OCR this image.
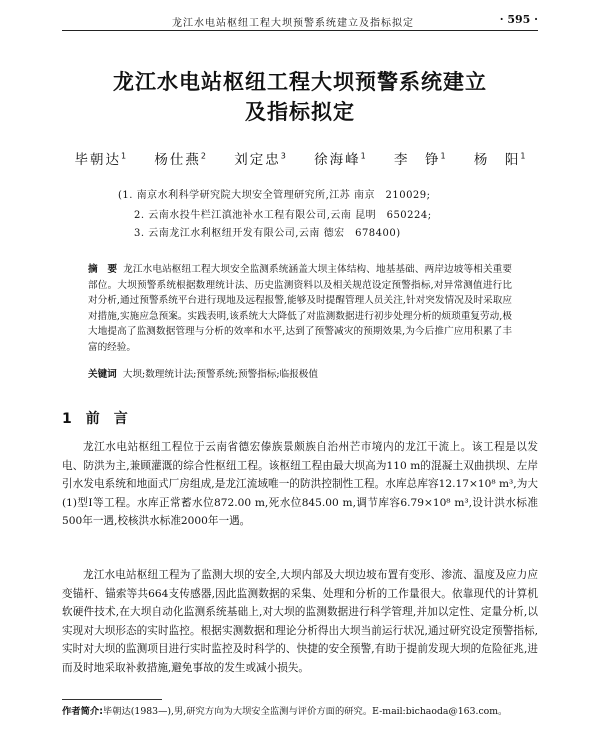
龙江水电站枢纽工程大坝预警系统建立及指标拟定	· 595 ·
龙江水电站枢纽工程大坝预警系统建立
及指标拟定
毕朝达$^1$ 杨仕燕$^2$ 刘定忠$^3$ 徐海峰$^1$ 李　铮$^1$ 杨　阳$^1$
(1. 南京水利科学研究院大坝安全管理研究所,江苏 南京　210029;
2. 云南水投牛栏江滇池补水工程有限公司,云南 昆明　650224;
3. 云南龙江水利枢纽开发有限公司,云南 德宏　678400)
摘　要 龙江水电站枢纽工程大坝安全监测系统涵盖大坝主体结构、地基基础、两岸边坡等相关重要部位。大坝预警系统根据数理统计法、历史监测资料以及相关规范设定预警指标,对异常测值进行比对分析,通过预警系统平台进行现地及远程报警,能够及时提醒管理人员关注,针对突发情况及时采取应对措施,实施应急预案。实践表明,该系统大大降低了对监测数据进行初步处理分析的烦琐重复劳动,极大地提高了监测数据管理与分析的效率和水平,达到了预警减灾的预期效果,为今后推广应用积累了丰富的经验。
关键词 大坝;数理统计法;预警系统;预警指标;临报极值
1 前　言

龙江水电站枢纽工程位于云南省德宏傣族景颇族自治州芒市境内的龙江干流上。该工程是以发电、防洪为主,兼顾灌溉的综合性枢纽工程。该枢纽工程由最大坝高为110 m的混凝土双曲拱坝、左岸引水发电系统和地面式厂房组成,是龙江流域唯一的防洪控制性工程。水库总库容12.17×10⁸ m³,为大(1)型Ⅰ等工程。水库正常蓄水位872.00 m,死水位845.00 m,调节库容6.79×10⁸ m³,设计洪水标准500年一遇,校核洪水标准2000年一遇。

龙江水电站枢纽工程为了监测大坝的安全,大坝内部及大坝边坡布置有变形、渗流、温度及应力应变锚杆、锚索等共664支传感器,因此监测数据的采集、处理和分析的工作量很大。依靠现代的计算机软硬件技术,在大坝自动化监测系统基础上,对大坝的监测数据进行科学管理,并加以定性、定量分析,以实现对大坝形态的实时监控。根据实测数据和理论分析得出大坝当前运行状况,通过研究设定预警指标,实时对大坝的监测项目进行实时监控及时科学的、快捷的安全预警,有助于提前发现大坝的危险征兆,进而及时地采取补救措施,避免事故的发生或减小损失。

作者简介:毕朝达(1983—),男,研究方向为大坝安全监测与评价方面的研究。E-mail:bichaoda@163.com。
